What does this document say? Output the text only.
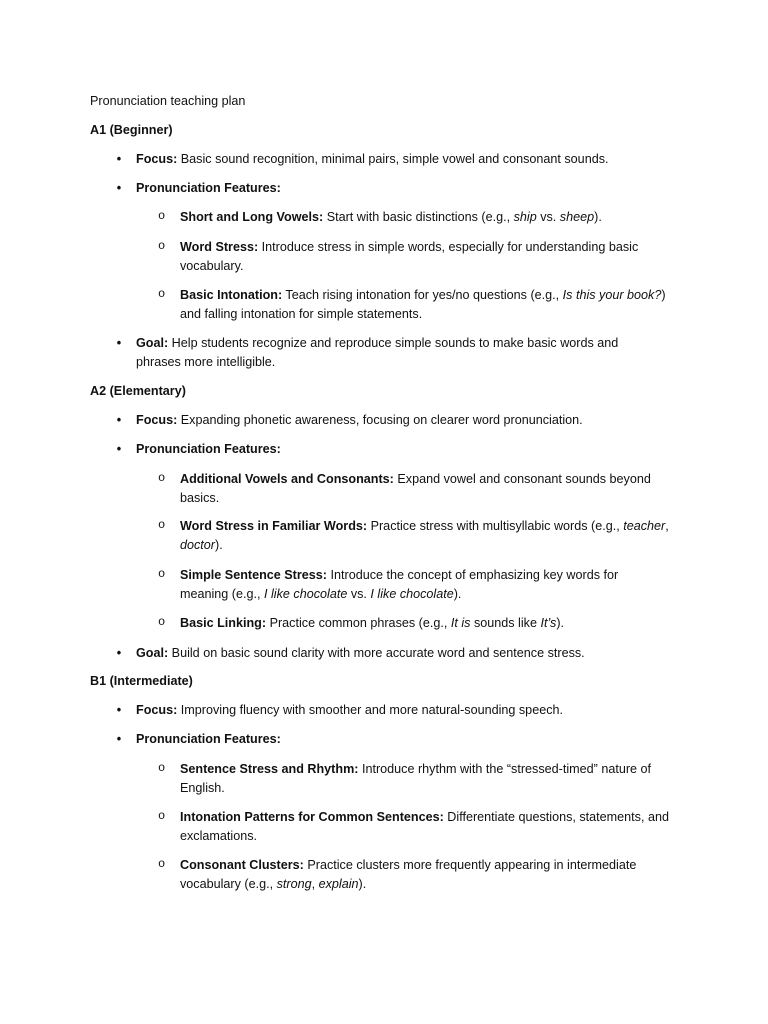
Pronunciation teaching plan
A1 (Beginner)
• Focus: Basic sound recognition, minimal pairs, simple vowel and consonant sounds.
• Pronunciation Features:
o Short and Long Vowels: Start with basic distinctions (e.g., ship vs. sheep).
o Word Stress: Introduce stress in simple words, especially for understanding basic vocabulary.
o Basic Intonation: Teach rising intonation for yes/no questions (e.g., Is this your book?) and falling intonation for simple statements.
• Goal: Help students recognize and reproduce simple sounds to make basic words and phrases more intelligible.
A2 (Elementary)
• Focus: Expanding phonetic awareness, focusing on clearer word pronunciation.
• Pronunciation Features:
o Additional Vowels and Consonants: Expand vowel and consonant sounds beyond basics.
o Word Stress in Familiar Words: Practice stress with multisyllabic words (e.g., teacher, doctor).
o Simple Sentence Stress: Introduce the concept of emphasizing key words for meaning (e.g., I like chocolate vs. I like chocolate).
o Basic Linking: Practice common phrases (e.g., It is sounds like It’s).
• Goal: Build on basic sound clarity with more accurate word and sentence stress.
B1 (Intermediate)
• Focus: Improving fluency with smoother and more natural-sounding speech.
• Pronunciation Features:
o Sentence Stress and Rhythm: Introduce rhythm with the “stressed-timed” nature of English.
o Intonation Patterns for Common Sentences: Differentiate questions, statements, and exclamations.
o Consonant Clusters: Practice clusters more frequently appearing in intermediate vocabulary (e.g., strong, explain).
